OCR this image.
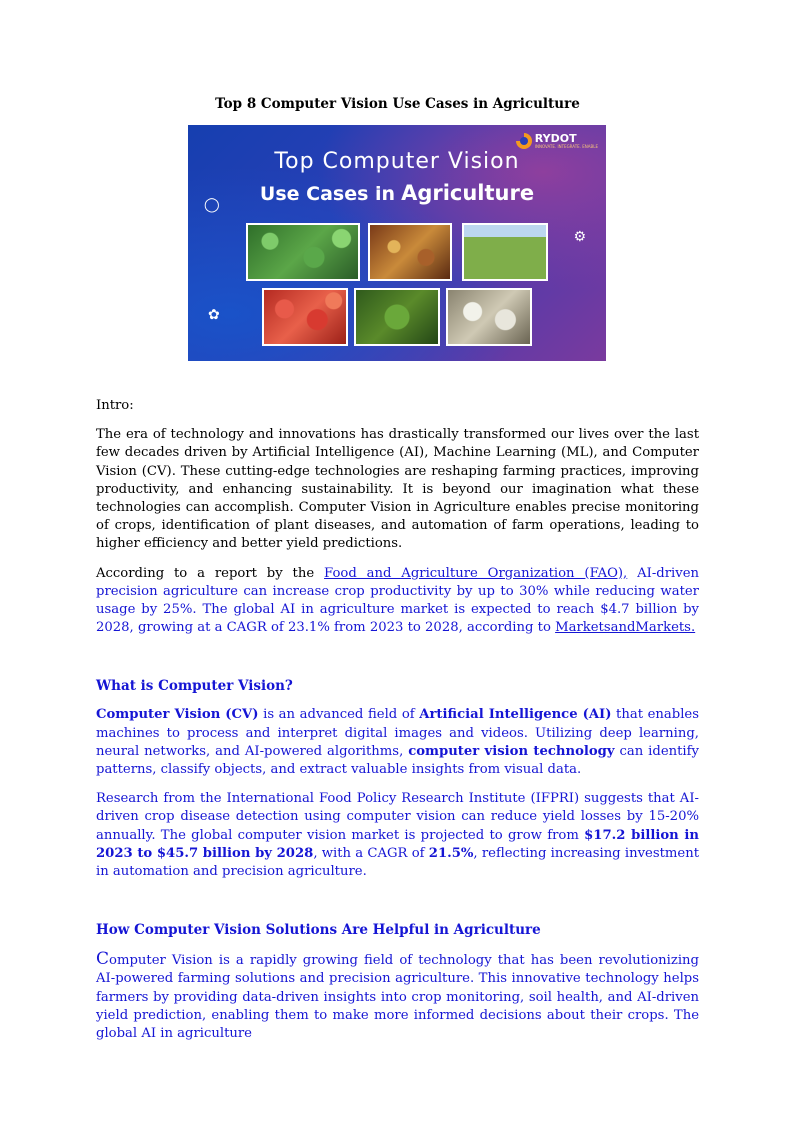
Top 8 Computer Vision Use Cases in Agriculture
RYDOT
INNOVATE. INTEGRATE. ENABLE
Top Computer Vision
Use Cases in Agriculture
◯
✿
⚙

Intro:

The era of technology and innovations has drastically transformed our lives over the last few decades driven by Artificial Intelligence (AI), Machine Learning (ML), and Computer Vision (CV). These cutting-edge technologies are reshaping farming practices, improving productivity, and enhancing sustainability. It is beyond our imagination what these technologies can accomplish. Computer Vision in Agriculture enables precise monitoring of crops, identification of plant diseases, and automation of farm operations, leading to higher efficiency and better yield predictions.

According to a report by the Food and Agriculture Organization (FAO), AI-driven precision agriculture can increase crop productivity by up to 30% while reducing water usage by 25%. The global AI in agriculture market is expected to reach $4.7 billion by 2028, growing at a CAGR of 23.1% from 2023 to 2028, according to MarketsandMarkets.

What is Computer Vision?

Computer Vision (CV) is an advanced field of Artificial Intelligence (AI) that enables machines to process and interpret digital images and videos. Utilizing deep learning, neural networks, and AI-powered algorithms, computer vision technology can identify patterns, classify objects, and extract valuable insights from visual data.

Research from the International Food Policy Research Institute (IFPRI) suggests that AI-driven crop disease detection using computer vision can reduce yield losses by 15-20% annually. The global computer vision market is projected to grow from $17.2 billion in 2023 to $45.7 billion by 2028, with a CAGR of 21.5%, reflecting increasing investment in automation and precision agriculture.

How Computer Vision Solutions Are Helpful in Agriculture

Computer Vision is a rapidly growing field of technology that has been revolutionizing AI-powered farming solutions and precision agriculture. This innovative technology helps farmers by providing data-driven insights into crop monitoring, soil health, and AI-driven yield prediction, enabling them to make more informed decisions about their crops. The global AI in agriculture
